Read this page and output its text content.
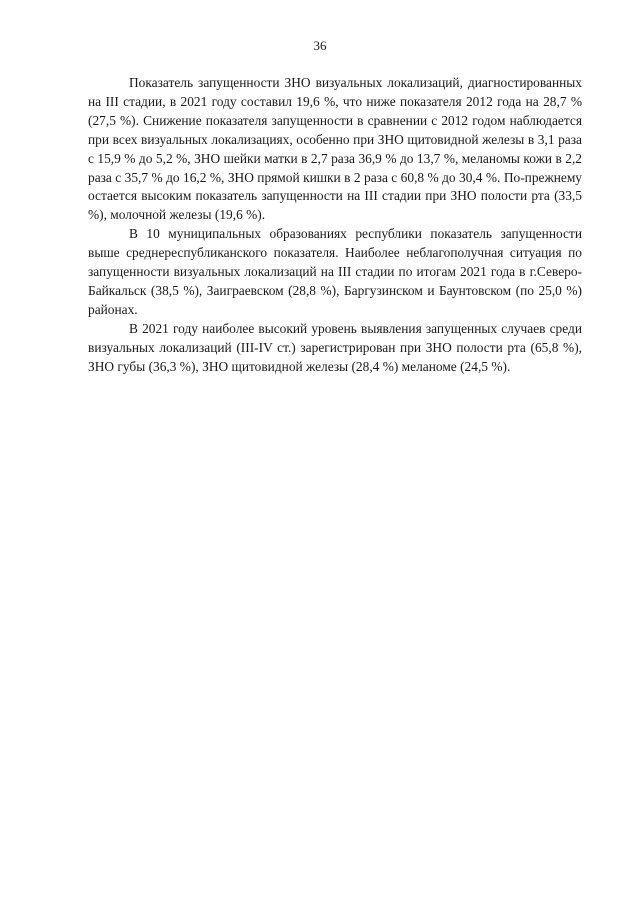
36

Показатель запущенности ЗНО визуальных локализаций, диагностированных на III стадии, в 2021 году составил 19,6 %, что ниже показателя 2012 года на 28,7 % (27,5 %). Снижение показателя запущенности в сравнении с 2012 годом наблюдается при всех визуальных локализациях, особенно при ЗНО щитовидной железы в 3,1 раза с 15,9 % до 5,2 %, ЗНО шейки матки в 2,7 раза 36,9 % до 13,7 %, меланомы кожи в 2,2 раза с 35,7 % до 16,2 %, ЗНО прямой кишки в 2 раза с 60,8 % до 30,4 %. По-прежнему остается высоким показатель запущенности на III стадии при ЗНО полости рта (33,5 %), молочной железы (19,6 %).

В 10 муниципальных образованиях республики показатель запущенности выше среднереспубликанского показателя. Наиболее неблагополучная ситуация по запущенности визуальных локализаций на III стадии по итогам 2021 года в г.Северо-Байкальск (38,5 %), Заиграевском (28,8 %), Баргузинском и Баунтовском (по 25,0 %) районах.

В 2021 году наиболее высокий уровень выявления запущенных случаев среди визуальных локализаций (III-IV ст.) зарегистрирован при ЗНО полости рта (65,8 %), ЗНО губы (36,3 %), ЗНО щитовидной железы (28,4 %) меланоме (24,5 %).
